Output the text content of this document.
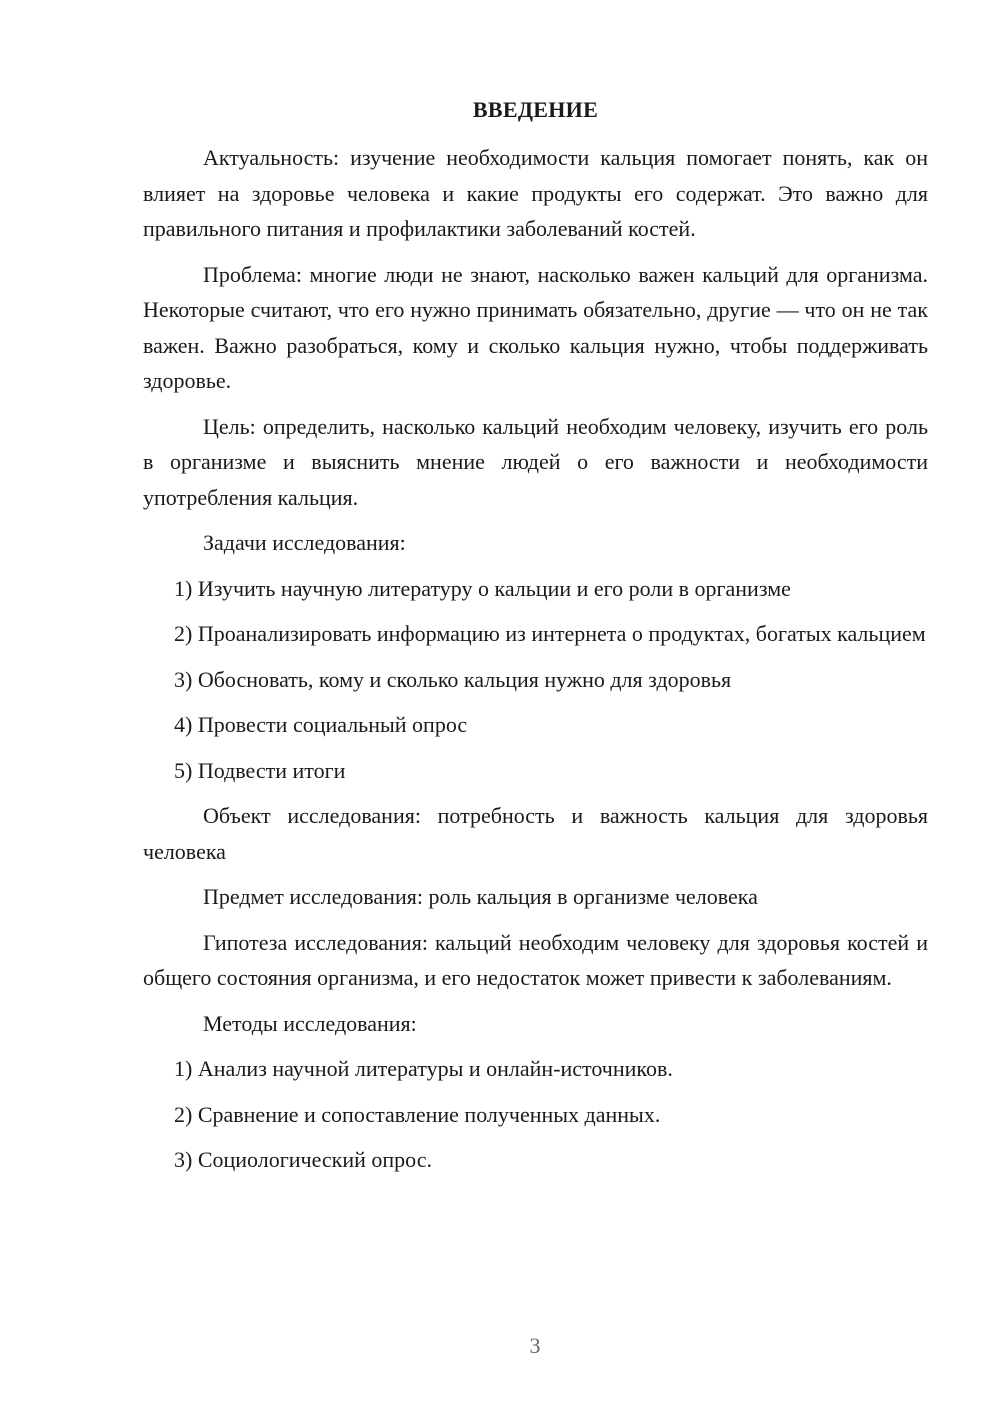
ВВЕДЕНИЕ

Актуальность: изучение необходимости кальция помогает понять, как он влияет на здоровье человека и какие продукты его содержат. Это важно для правильного питания и профилактики заболеваний костей.

Проблема: многие люди не знают, насколько важен кальций для организма. Некоторые считают, что его нужно принимать обязательно, другие — что он не так важен. Важно разобраться, кому и сколько кальция нужно, чтобы поддерживать здоровье.

Цель: определить, насколько кальций необходим человеку, изучить его роль в организме и выяснить мнение людей о его важности и необходимости употребления кальция.

Задачи исследования:

1) Изучить научную литературу о кальции и его роли в организме
2) Проанализировать информацию из интернета о продуктах, богатых кальцием
3) Обосновать, кому и сколько кальция нужно для здоровья
4) Провести социальный опрос
5) Подвести итоги

Объект исследования: потребность и важность кальция для здоровья человека

Предмет исследования: роль кальция в организме человека

Гипотеза исследования: кальций необходим человеку для здоровья костей и общего состояния организма, и его недостаток может привести к заболеваниям.

Методы исследования:

1) Анализ научной литературы и онлайн-источников.
2) Сравнение и сопоставление полученных данных.
3) Социологический опрос.
3
